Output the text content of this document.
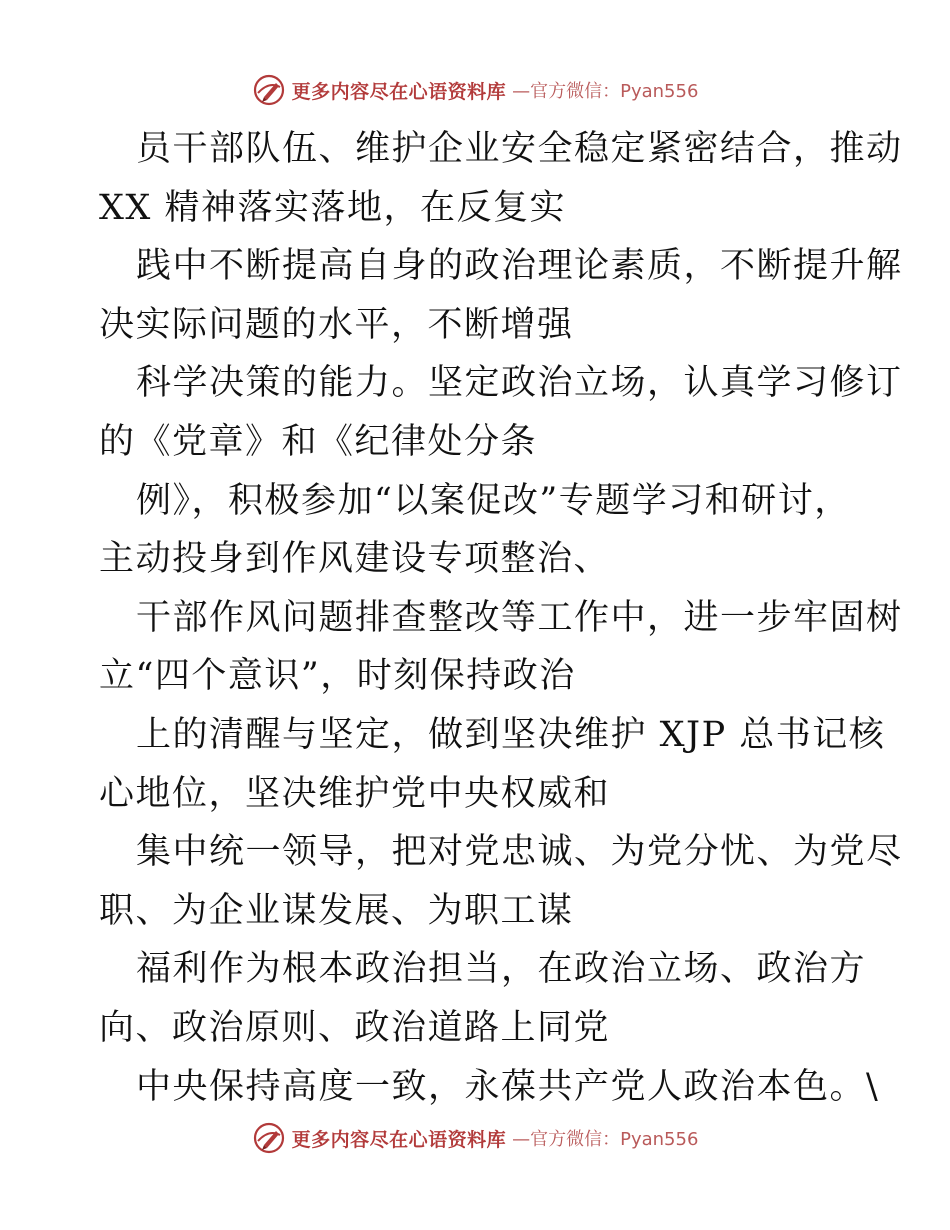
更多内容尽在心语资料库 —官方微信：Pyan556
员干部队伍、维护企业安全稳定紧密结合，推动
XX 精神落实落地，在反复实
践中不断提高自身的政治理论素质，不断提升解
决实际问题的水平，不断增强
科学决策的能力。坚定政治立场，认真学习修订
的《党章》和《纪律处分条
例》，积极参加“以案促改”专题学习和研讨，
主动投身到作风建设专项整治、
干部作风问题排查整改等工作中，进一步牢固树
立“四个意识”，时刻保持政治
上的清醒与坚定，做到坚决维护 XJP 总书记核
心地位，坚决维护党中央权威和
集中统一领导，把对党忠诚、为党分忧、为党尽
职、为企业谋发展、为职工谋
福利作为根本政治担当，在政治立场、政治方
向、政治原则、政治道路上同党
中央保持高度一致，永葆共产党人政治本色。\
更多内容尽在心语资料库 —官方微信：Pyan556
